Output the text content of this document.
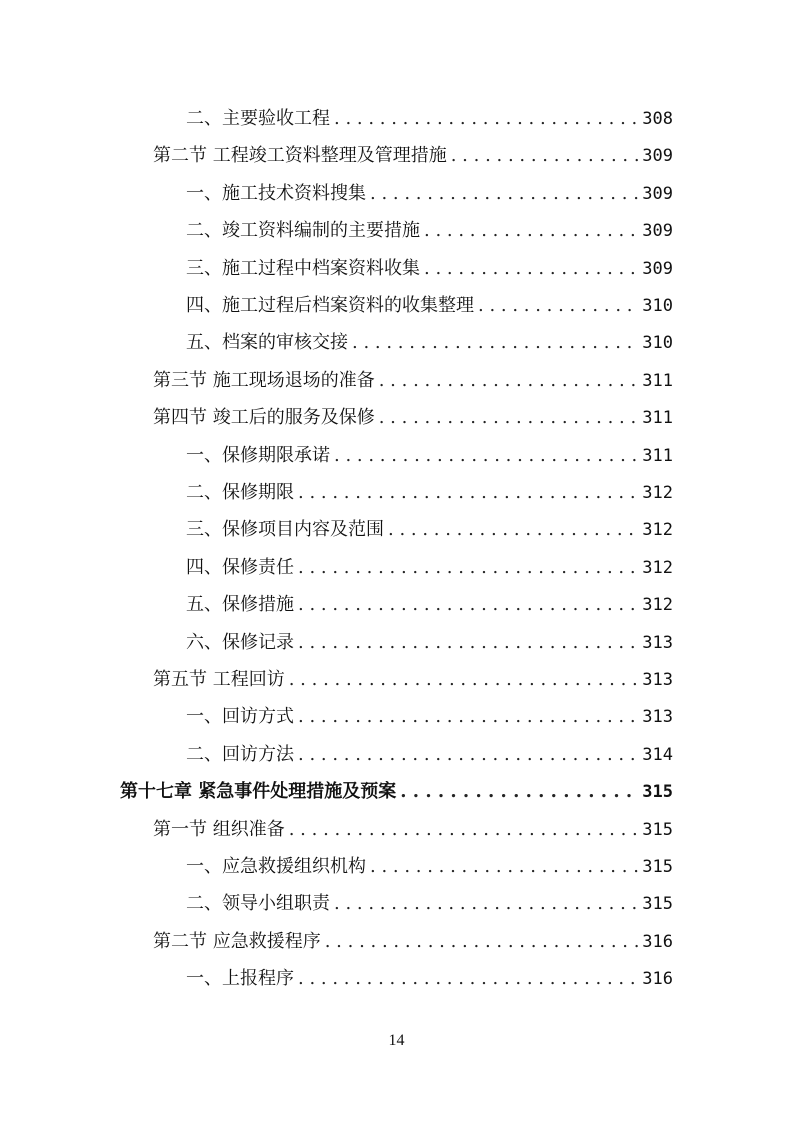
二、主要验收工程 . . .	308
第二节 工程竣工资料整理及管理措施 . . .	309
一、施工技术资料搜集 . . .	309
二、竣工资料编制的主要措施 . . .	309
三、施工过程中档案资料收集 . . .	309
四、施工过程后档案资料的收集整理 . . .	310
五、档案的审核交接 . . .	310
第三节 施工现场退场的准备 . . .	311
第四节 竣工后的服务及保修 . . .	311
一、保修期限承诺 . . .	311
二、保修期限 . . .	312
三、保修项目内容及范围 . . .	312
四、保修责任 . . .	312
五、保修措施 . . .	312
六、保修记录 . . .	313
第五节 工程回访 . . .	313
一、回访方式 . . .	313
二、回访方法 . . .	314
第十七章 紧急事件处理措施及预案 . . .	315
第一节 组织准备 . . .	315
一、应急救援组织机构 . . .	315
二、领导小组职责 . . .	315
第二节 应急救援程序 . . .	316
一、上报程序 . . .	316
14
